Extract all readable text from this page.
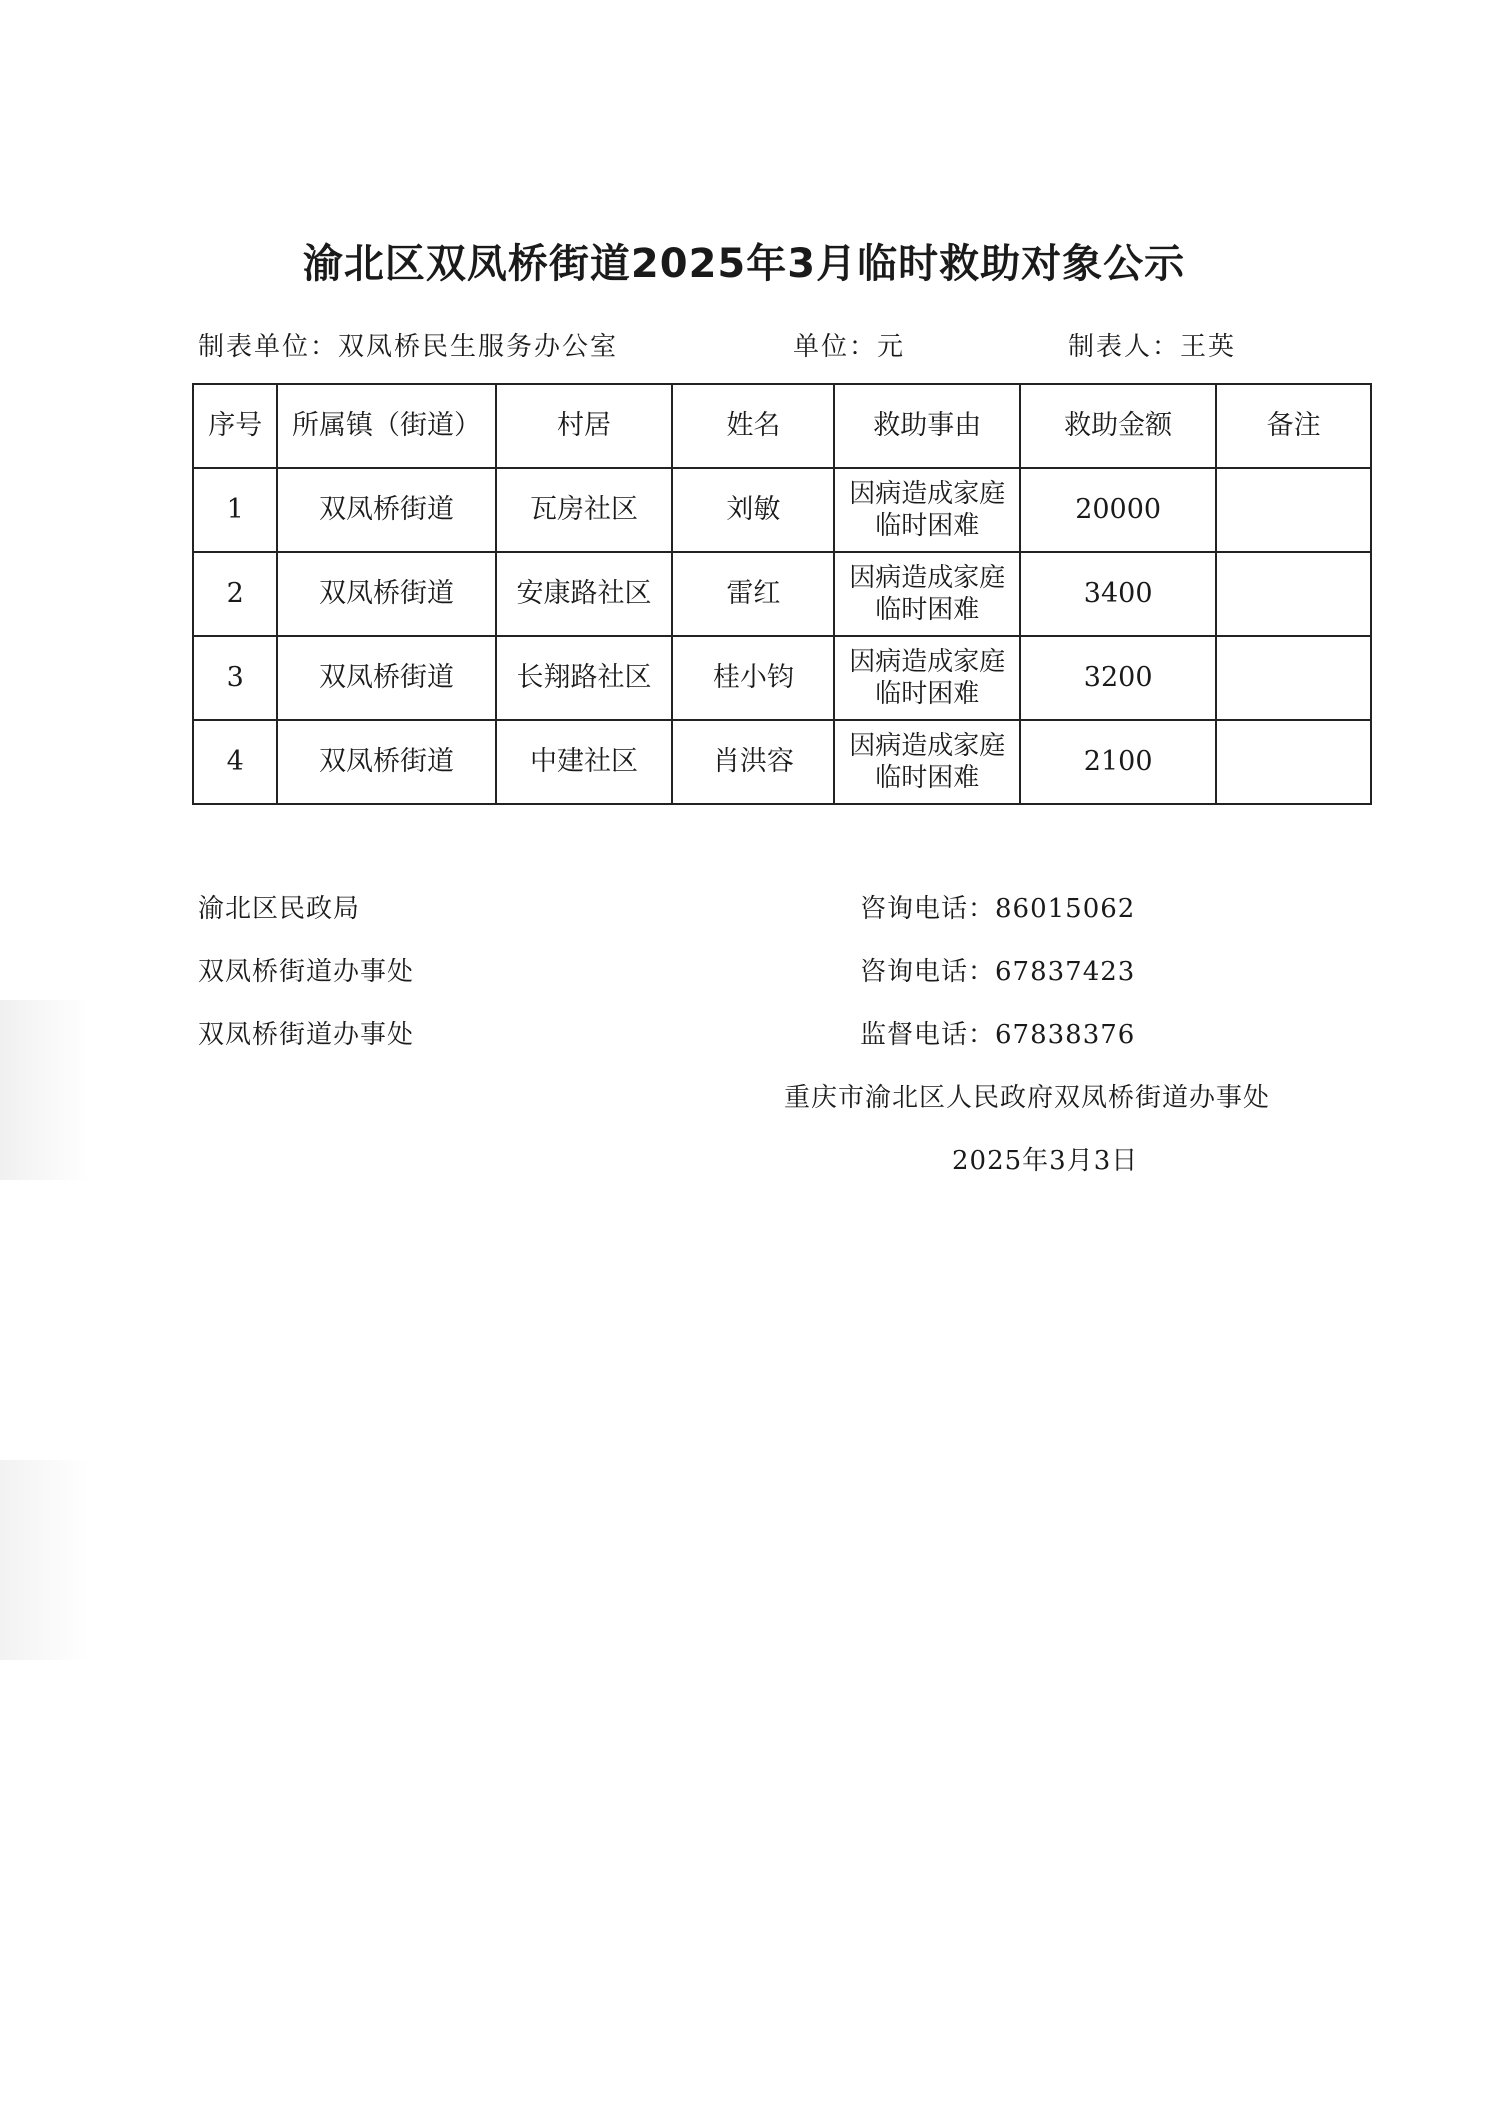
渝北区双凤桥街道2025年3月临时救助对象公示
制表单位：双凤桥民生服务办公室	单位：元	制表人：王英
序号	所属镇（街道）	村居	姓名	救助事由	救助金额	备注
1	双凤桥街道	瓦房社区	刘敏	因病造成家庭
临时困难	20000	
2	双凤桥街道	安康路社区	雷红	因病造成家庭
临时困难	3400	
3	双凤桥街道	长翔路社区	桂小钧	因病造成家庭
临时困难	3200	
4	双凤桥街道	中建社区	肖洪容	因病造成家庭
临时困难	2100	
渝北区民政局	咨询电话：86015062
双凤桥街道办事处	咨询电话：67837423
双凤桥街道办事处	监督电话：67838376
重庆市渝北区人民政府双凤桥街道办事处
2025年3月3日
